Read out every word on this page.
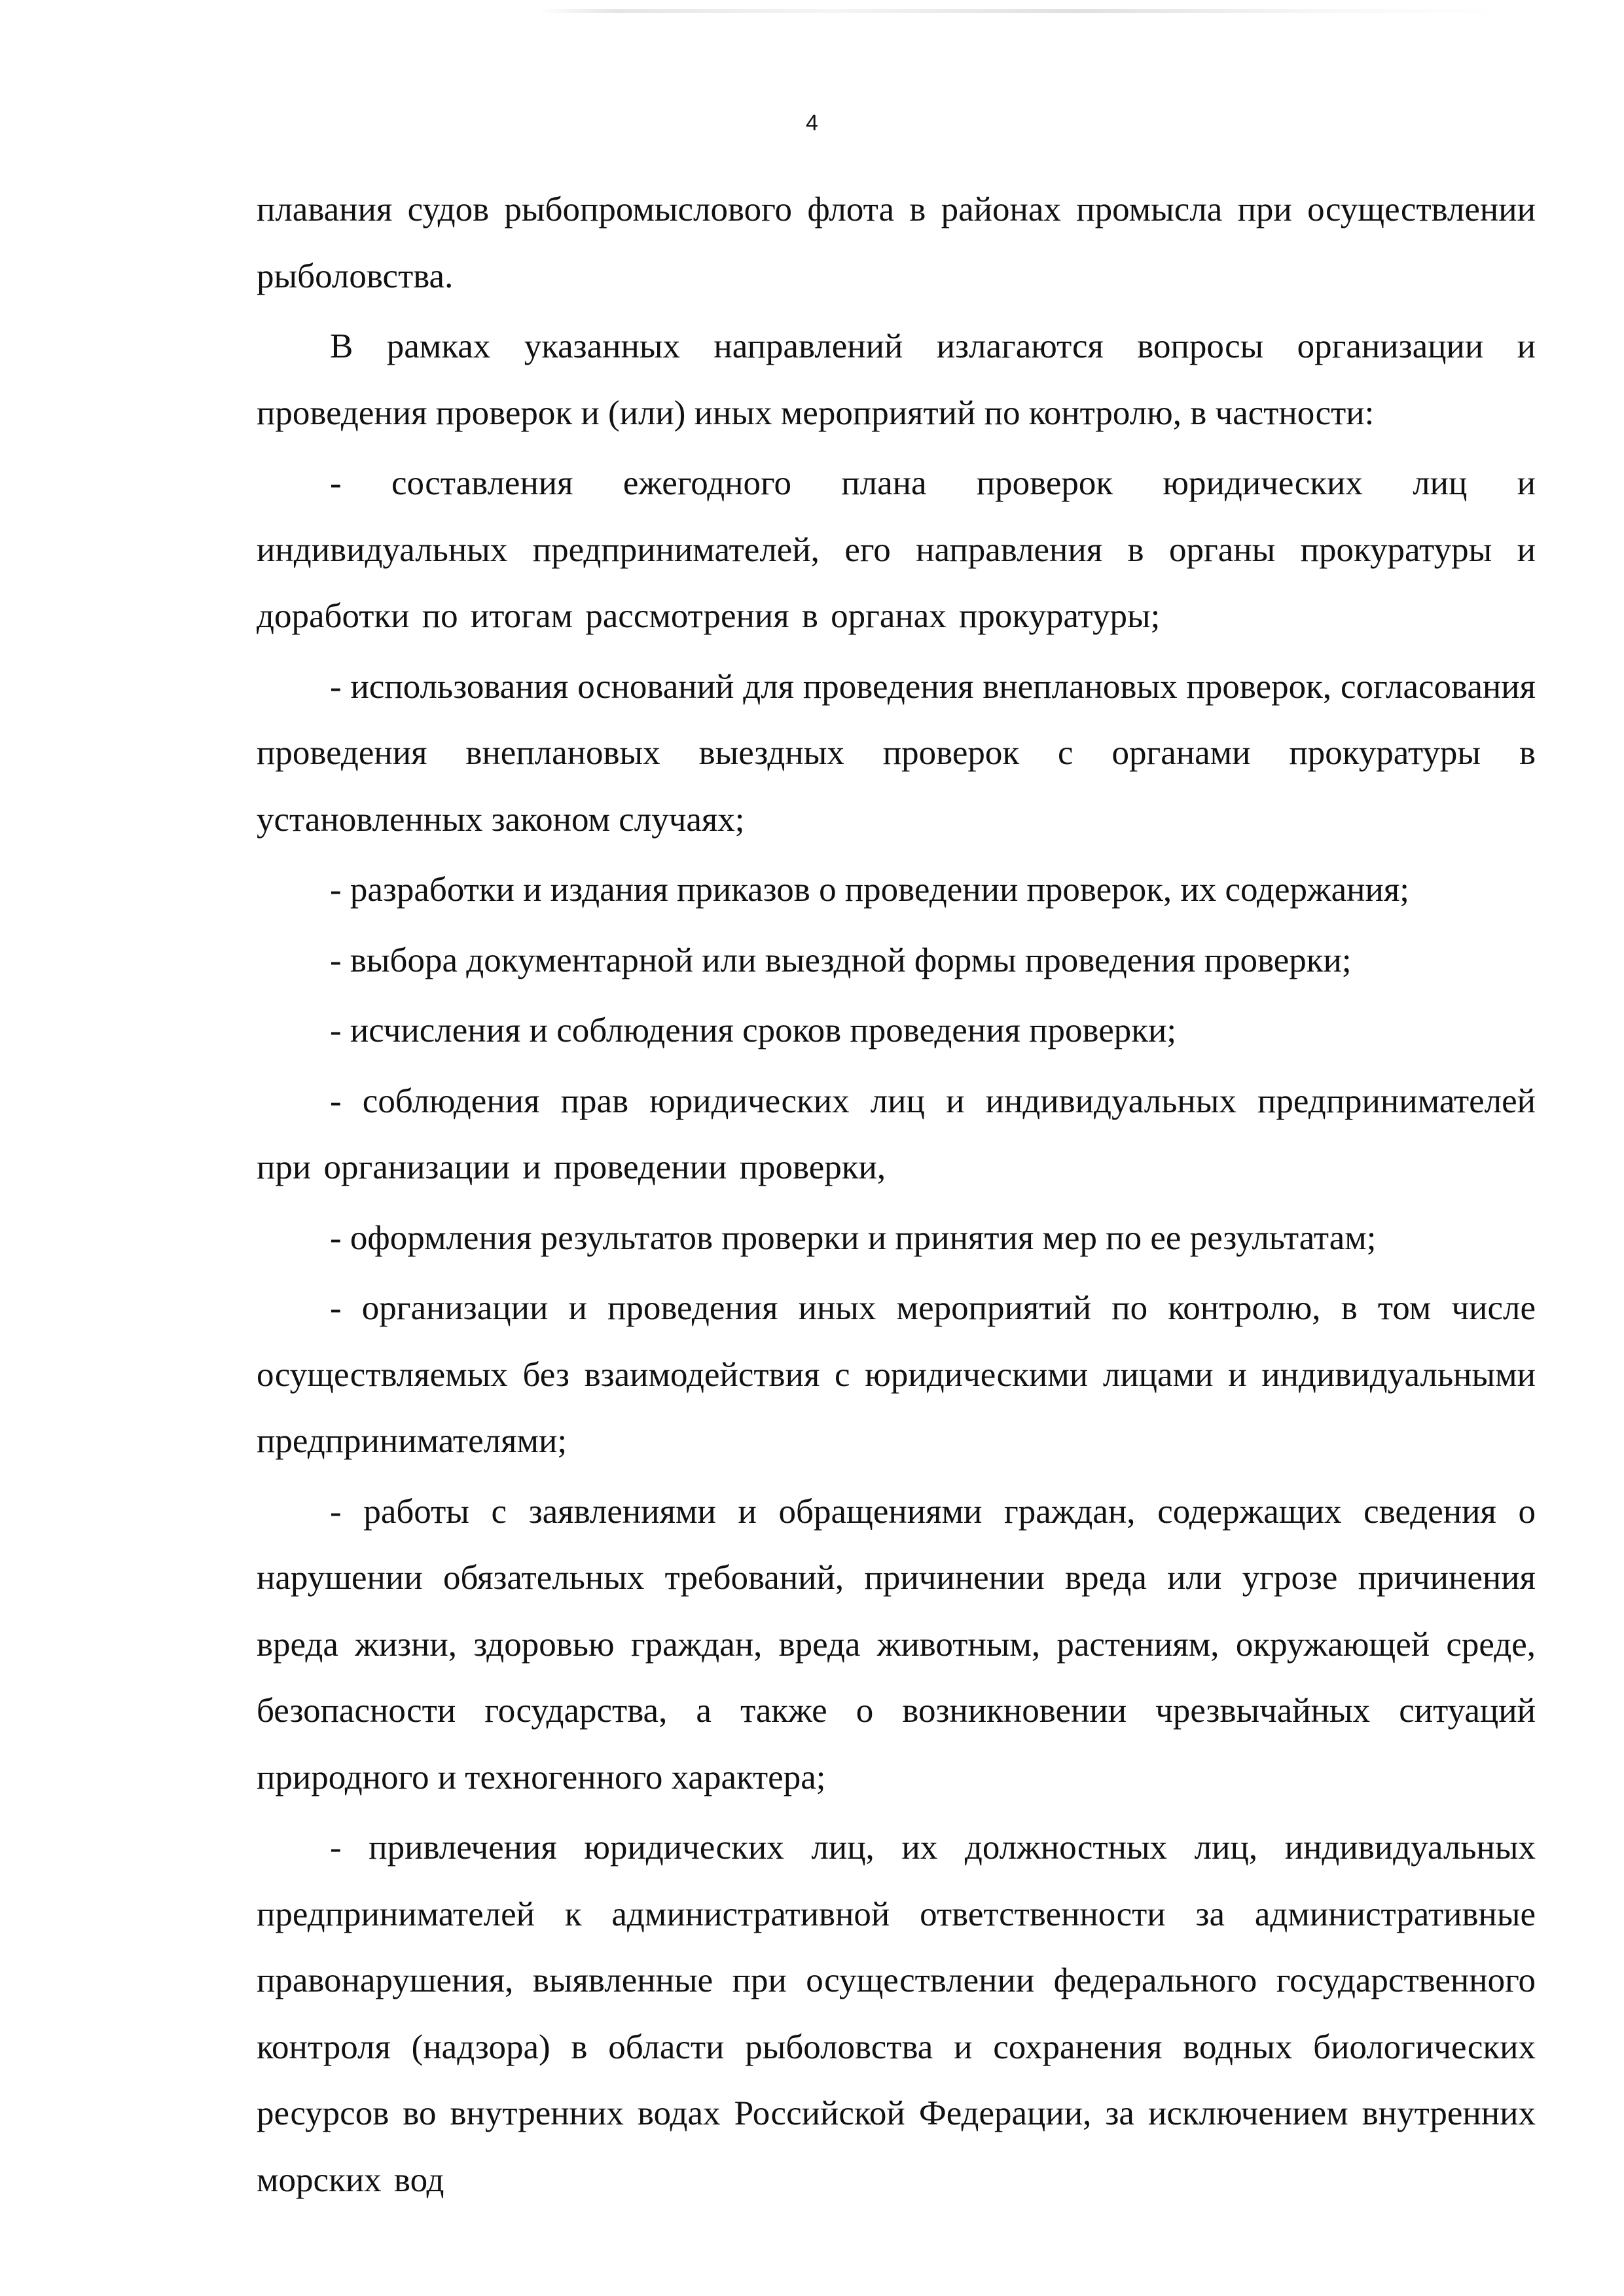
4

плавания судов рыбопромыслового флота в районах промысла при осуществлении рыболовства.

В рамках указанных направлений излагаются вопросы организации и проведения проверок и (или) иных мероприятий по контролю, в частности:

- составления ежегодного плана проверок юридических лиц и индивидуальных предпринимателей, его направления в органы прокуратуры и доработки по итогам рассмотрения в органах прокуратуры;

- использования оснований для проведения внеплановых проверок, согласования проведения внеплановых выездных проверок с органами прокуратуры в установленных законом случаях;

- разработки и издания приказов о проведении проверок, их содержания;

- выбора документарной или выездной формы проведения проверки;

- исчисления и соблюдения сроков проведения проверки;

- соблюдения прав юридических лиц и индивидуальных предпринимателей при организации и проведении проверки,

- оформления результатов проверки и принятия мер по ее результатам;

- организации и проведения иных мероприятий по контролю, в том числе осуществляемых без взаимодействия с юридическими лицами и индивидуальными предпринимателями;

- работы с заявлениями и обращениями граждан, содержащих сведения о нарушении обязательных требований, причинении вреда или угрозе причинения вреда жизни, здоровью граждан, вреда животным, растениям, окружающей среде, безопасности государства, а также о возникновении чрезвычайных ситуаций природного и техногенного характера;

- привлечения юридических лиц, их должностных лиц, индивидуальных предпринимателей к административной ответственности за административные правонарушения, выявленные при осуществлении федерального государственного контроля (надзора) в области рыболовства и сохранения водных биологических ресурсов во внутренних водах Российской Федерации, за исключением внутренних морских вод
